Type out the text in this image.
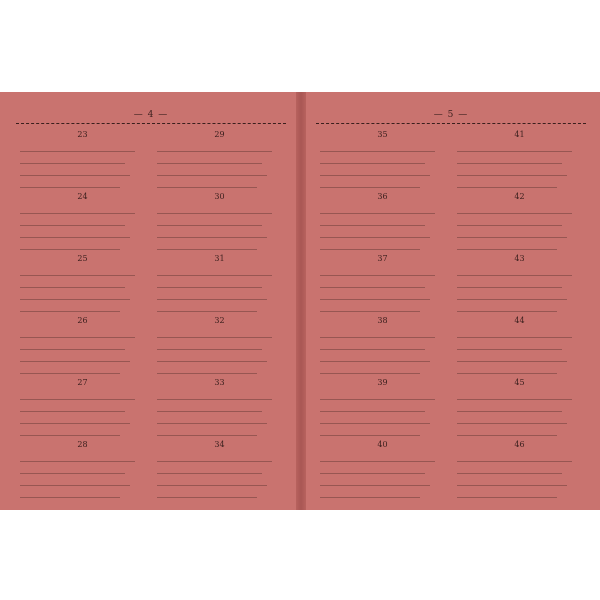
— 4 —
23
24
25
26
27
28
29
30
31
32
33
34
— 5 —
35
36
37
38
39
40
41
42
43
44
45
46
